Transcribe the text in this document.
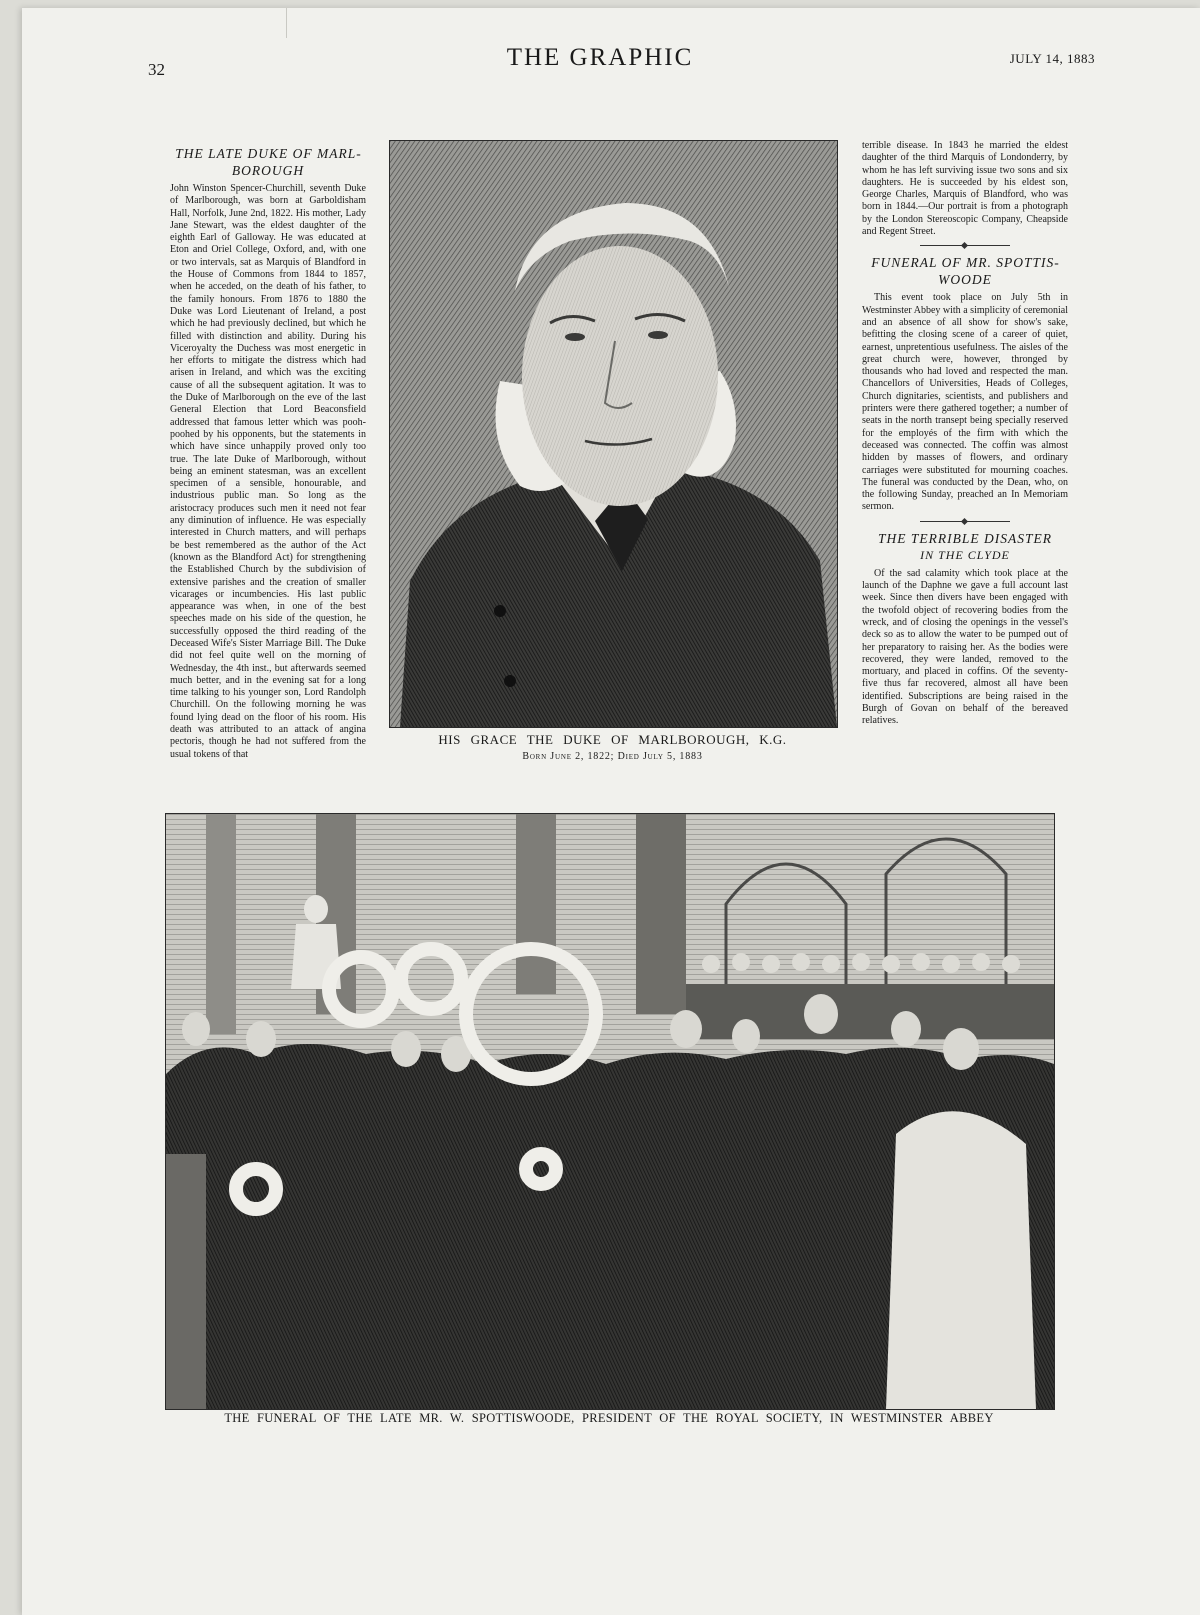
32	THE GRAPHIC	JULY 14, 1883
THE LATE DUKE OF MARLBOROUGH

John Winston Spencer-Churchill, seventh Duke of Marlborough, was born at Garboldisham Hall, Norfolk, June 2nd, 1822. His mother, Lady Jane Stewart, was the eldest daughter of the eighth Earl of Galloway. He was educated at Eton and Oriel College, Oxford, and, with one or two intervals, sat as Marquis of Blandford in the House of Commons from 1844 to 1857, when he acceded, on the death of his father, to the family honours. From 1876 to 1880 the Duke was Lord Lieutenant of Ireland, a post which he had previously declined, but which he filled with distinction and ability. During his Viceroyalty the Duchess was most energetic in her efforts to mitigate the distress which had arisen in Ireland, and which was the exciting cause of all the subsequent agitation. It was to the Duke of Marlborough on the eve of the last General Election that Lord Beaconsfield addressed that famous letter which was pooh-poohed by his opponents, but the statements in which have since unhappily proved only too true. The late Duke of Marlborough, without being an eminent statesman, was an excellent specimen of a sensible, honourable, and industrious public man. So long as the aristocracy produces such men it need not fear any diminution of influence. He was especially interested in Church matters, and will perhaps be best remembered as the author of the Act (known as the Blandford Act) for strengthening the Established Church by the subdivision of extensive parishes and the creation of smaller vicarages or incumbencies. His last public appearance was when, in one of the best speeches made on his side of the question, he successfully opposed the third reading of the Deceased Wife's Sister Marriage Bill. The Duke did not feel quite well on the morning of Wednesday, the 4th inst., but afterwards seemed much better, and in the evening sat for a long time talking to his younger son, Lord Randolph Churchill. On the following morning he was found lying dead on the floor of his room. His death was attributed to an attack of angina pectoris, though he had not suffered from the usual tokens of that

HIS GRACE THE DUKE OF MARLBOROUGH, K.G.
Born June 2, 1822; Died July 5, 1883

terrible disease. In 1843 he married the eldest daughter of the third Marquis of Londonderry, by whom he has left surviving issue two sons and six daughters. He is succeeded by his eldest son, George Charles, Marquis of Blandford, who was born in 1844.—Our portrait is from a photograph by the London Stereoscopic Company, Cheapside and Regent Street.

FUNERAL OF MR. SPOTTISWOODE

This event took place on July 5th in Westminster Abbey with a simplicity of ceremonial and an absence of all show for show's sake, befitting the closing scene of a career of quiet, earnest, unpretentious usefulness. The aisles of the great church were, however, thronged by thousands who had loved and respected the man. Chancellors of Universities, Heads of Colleges, Church dignitaries, scientists, and publishers and printers were there gathered together; a number of seats in the north transept being specially reserved for the employés of the firm with which the deceased was connected. The coffin was almost hidden by masses of flowers, and ordinary carriages were substituted for mourning coaches. The funeral was conducted by the Dean, who, on the following Sunday, preached an In Memoriam sermon.

THE TERRIBLE DISASTER
IN THE CLYDE

Of the sad calamity which took place at the launch of the Daphne we gave a full account last week. Since then divers have been engaged with the twofold object of recovering bodies from the wreck, and of closing the openings in the vessel's deck so as to allow the water to be pumped out of her preparatory to raising her. As the bodies were recovered, they were landed, removed to the mortuary, and placed in coffins. Of the seventy-five thus far recovered, almost all have been identified. Subscriptions are being raised in the Burgh of Govan on behalf of the bereaved relatives.

THE FUNERAL OF THE LATE MR. W. SPOTTISWOODE, PRESIDENT OF THE ROYAL SOCIETY, IN WESTMINSTER ABBEY
